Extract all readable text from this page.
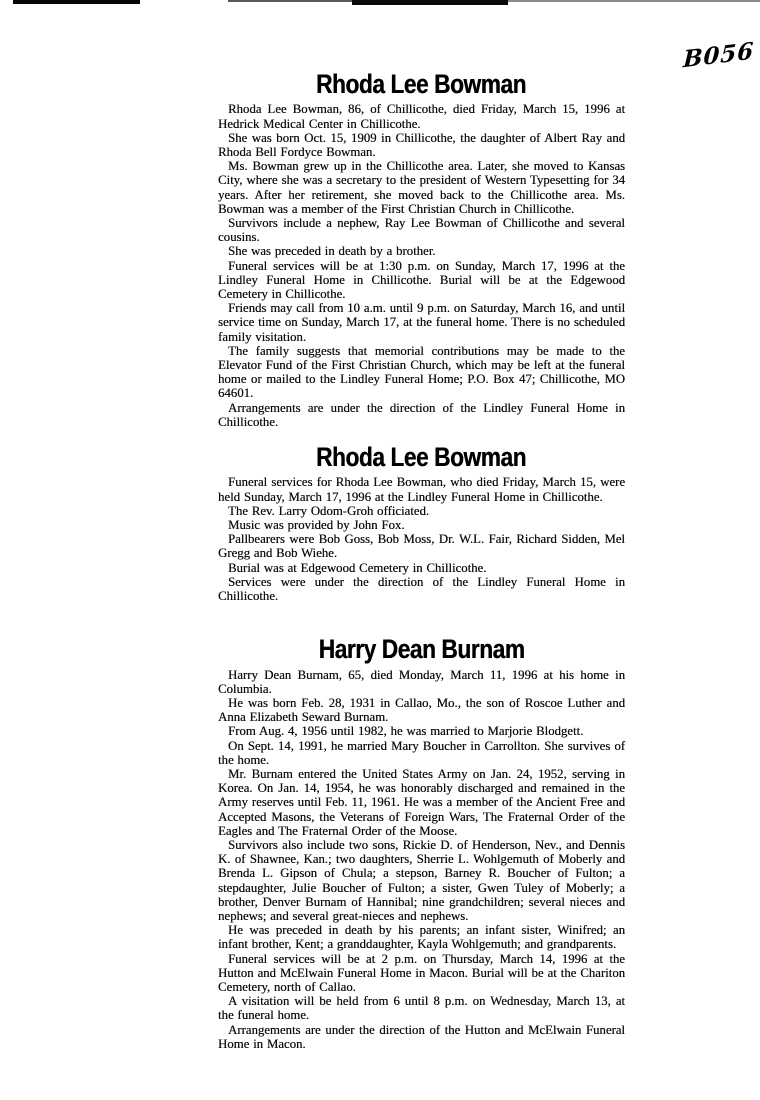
B056
Rhoda Lee Bowman

Rhoda Lee Bowman, 86, of Chillicothe, died Friday, March 15, 1996 at Hedrick Medical Center in Chillicothe.

She was born Oct. 15, 1909 in Chillicothe, the daughter of Albert Ray and Rhoda Bell Fordyce Bowman.

Ms. Bowman grew up in the Chillicothe area. Later, she moved to Kansas City, where she was a secretary to the president of Western Typesetting for 34 years. After her retirement, she moved back to the Chillicothe area. Ms. Bowman was a member of the First Christian Church in Chillicothe.

Survivors include a nephew, Ray Lee Bowman of Chillicothe and several cousins.

She was preceded in death by a brother.

Funeral services will be at 1:30 p.m. on Sunday, March 17, 1996 at the Lindley Funeral Home in Chillicothe. Burial will be at the Edgewood Cemetery in Chillicothe.

Friends may call from 10 a.m. until 9 p.m. on Saturday, March 16, and until service time on Sunday, March 17, at the funeral home. There is no scheduled family visitation.

The family suggests that memorial contributions may be made to the Elevator Fund of the First Christian Church, which may be left at the funeral home or mailed to the Lindley Funeral Home; P.O. Box 47; Chillicothe, MO 64601.

Arrangements are under the direction of the Lindley Funeral Home in Chillicothe.

Rhoda Lee Bowman

Funeral services for Rhoda Lee Bowman, who died Friday, March 15, were held Sunday, March 17, 1996 at the Lindley Funeral Home in Chillicothe.

The Rev. Larry Odom-Groh officiated.

Music was provided by John Fox.

Pallbearers were Bob Goss, Bob Moss, Dr. W.L. Fair, Richard Sidden, Mel Gregg and Bob Wiehe.

Burial was at Edgewood Cemetery in Chillicothe.

Services were under the direction of the Lindley Funeral Home in Chillicothe.

Harry Dean Burnam

Harry Dean Burnam, 65, died Monday, March 11, 1996 at his home in Columbia.

He was born Feb. 28, 1931 in Callao, Mo., the son of Roscoe Luther and Anna Elizabeth Seward Burnam.

From Aug. 4, 1956 until 1982, he was married to Marjorie Blodgett.

On Sept. 14, 1991, he married Mary Boucher in Carrollton. She survives of the home.

Mr. Burnam entered the United States Army on Jan. 24, 1952, serving in Korea. On Jan. 14, 1954, he was honorably discharged and remained in the Army reserves until Feb. 11, 1961. He was a member of the Ancient Free and Accepted Masons, the Veterans of Foreign Wars, The Fraternal Order of the Eagles and The Fraternal Order of the Moose.

Survivors also include two sons, Rickie D. of Henderson, Nev., and Dennis K. of Shawnee, Kan.; two daughters, Sherrie L. Wohlgemuth of Moberly and Brenda L. Gipson of Chula; a stepson, Barney R. Boucher of Fulton; a stepdaughter, Julie Boucher of Fulton; a sister, Gwen Tuley of Moberly; a brother, Denver Burnam of Hannibal; nine grandchildren; several nieces and nephews; and several great-nieces and nephews.

He was preceded in death by his parents; an infant sister, Winifred; an infant brother, Kent; a granddaughter, Kayla Wohlgemuth; and grandparents.

Funeral services will be at 2 p.m. on Thursday, March 14, 1996 at the Hutton and McElwain Funeral Home in Macon. Burial will be at the Chariton Cemetery, north of Callao.

A visitation will be held from 6 until 8 p.m. on Wednesday, March 13, at the funeral home.

Arrangements are under the direction of the Hutton and McElwain Funeral Home in Macon.
